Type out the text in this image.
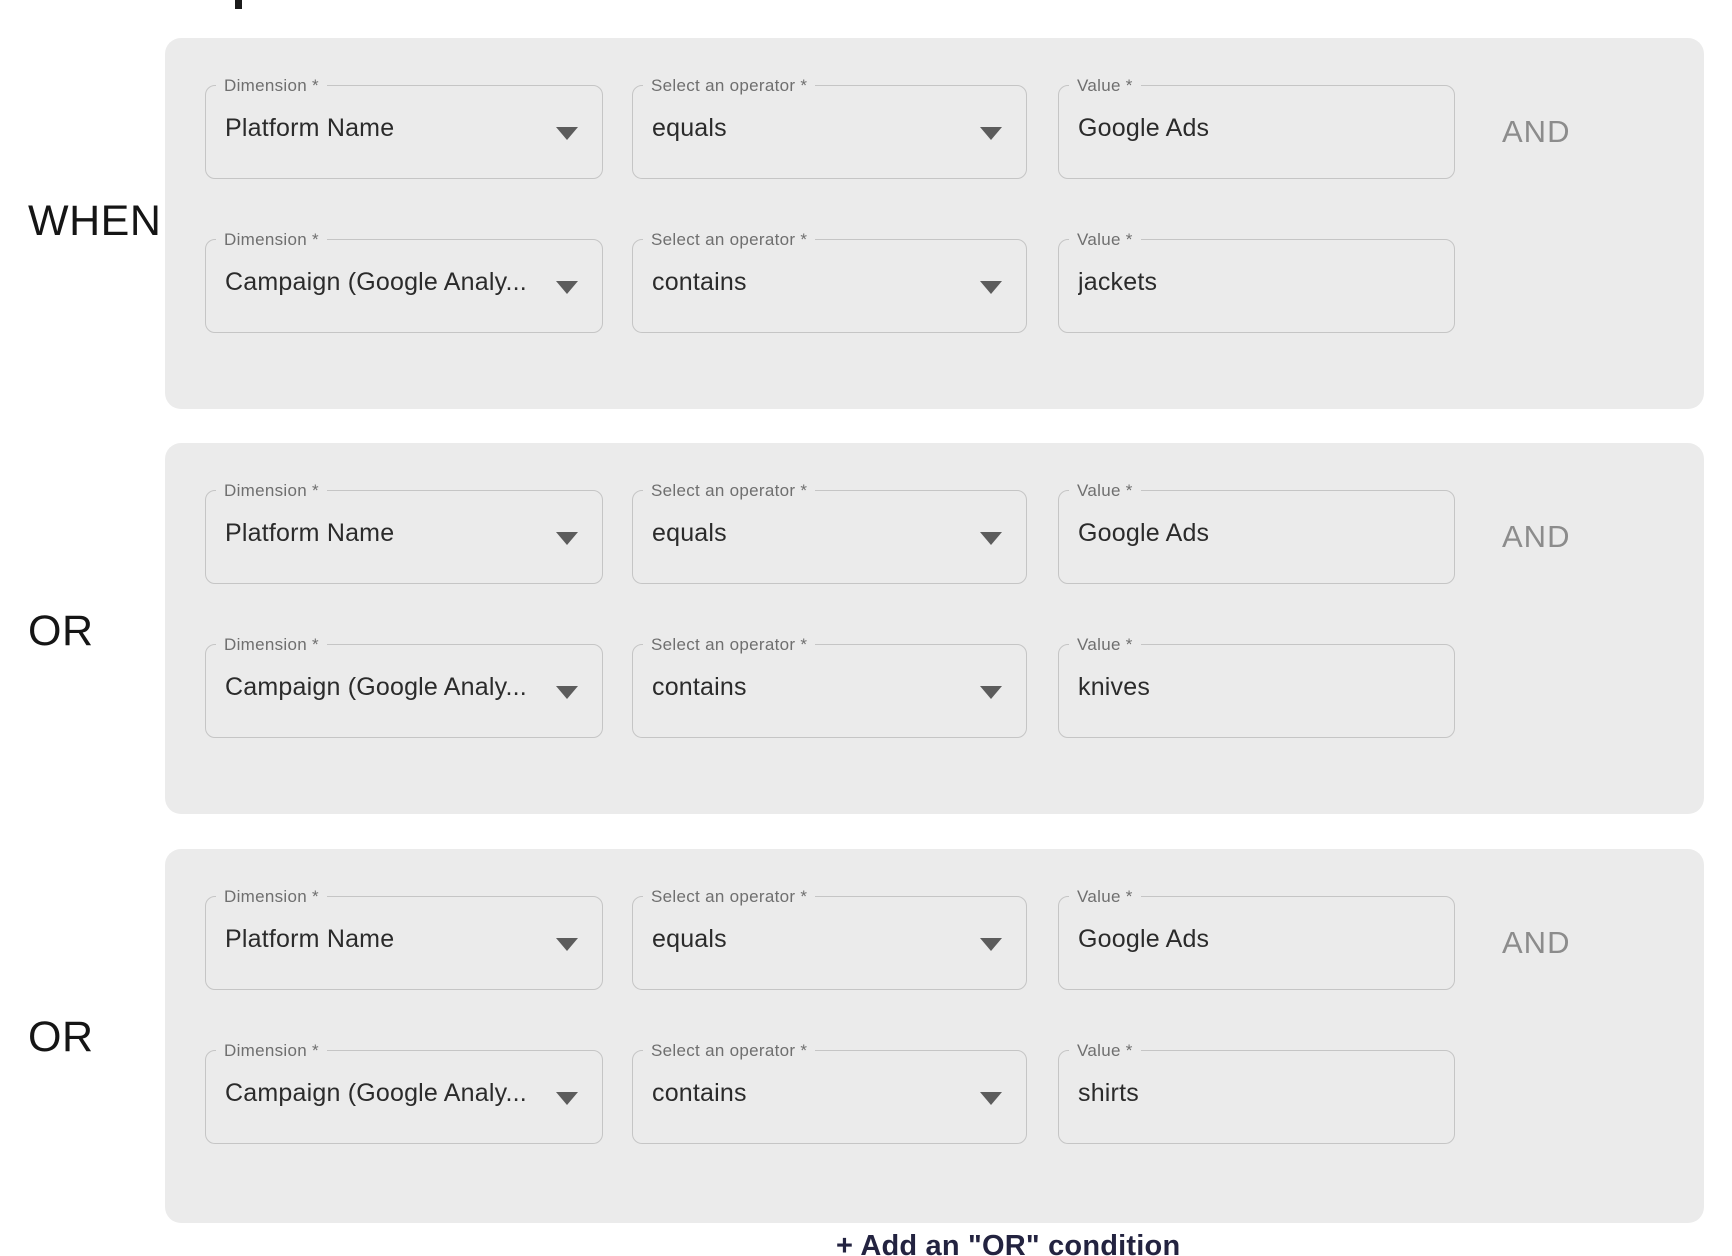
WHEN
OR
OR
Dimension *
Platform Name
Select an operator *
equals
Value *
Google Ads	AND
Dimension *
Campaign (Google Analy...
Select an operator *
contains
Value *
jackets
Dimension *
Platform Name
Select an operator *
equals
Value *
Google Ads	AND
Dimension *
Campaign (Google Analy...
Select an operator *
contains
Value *
knives
Dimension *
Platform Name
Select an operator *
equals
Value *
Google Ads	AND
Dimension *
Campaign (Google Analy...
Select an operator *
contains
Value *
shirts
+ Add an "OR" condition
